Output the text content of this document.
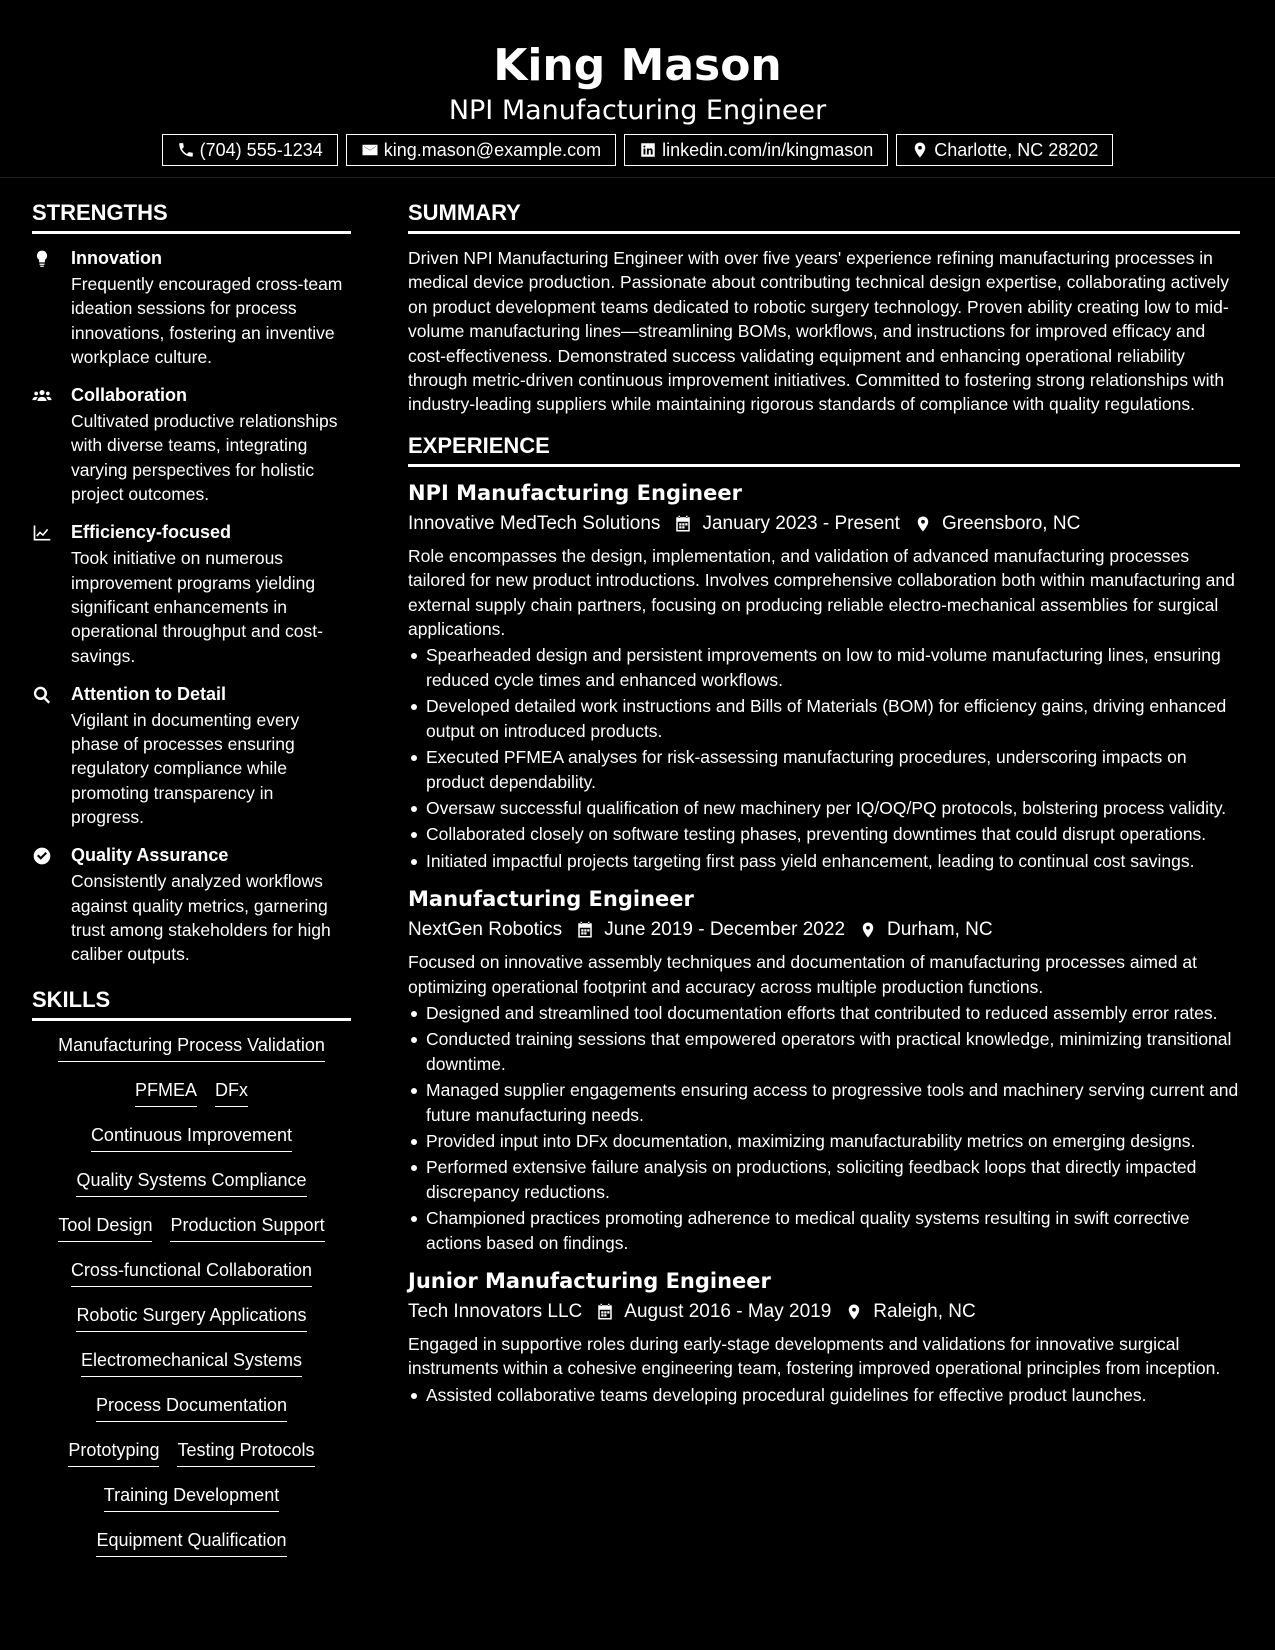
King Mason
NPI Manufacturing Engineer
(704) 555-1234	king.mason@example.com	linkedin.com/in/kingmason	Charlotte, NC 28202
STRENGTHS
Innovation
Frequently encouraged cross-team ideation sessions for process innovations, fostering an inventive workplace culture.
Collaboration
Cultivated productive relationships with diverse teams, integrating varying perspectives for holistic project outcomes.
Efficiency-focused
Took initiative on numerous improvement programs yielding significant enhancements in operational throughput and cost-savings.
Attention to Detail
Vigilant in documenting every phase of processes ensuring regulatory compliance while promoting transparency in progress.
Quality Assurance
Consistently analyzed workflows against quality metrics, garnering trust among stakeholders for high caliber outputs.
SKILLS
Manufacturing Process Validation
PFMEA DFx
Continuous Improvement
Quality Systems Compliance
Tool Design Production Support
Cross-functional Collaboration
Robotic Surgery Applications
Electromechanical Systems
Process Documentation
Prototyping Testing Protocols
Training Development
Equipment Qualification
SUMMARY
Driven NPI Manufacturing Engineer with over five years' experience refining manufacturing processes in medical device production. Passionate about contributing technical design expertise, collaborating actively on product development teams dedicated to robotic surgery technology. Proven ability creating low to mid-volume manufacturing lines—streamlining BOMs, workflows, and instructions for improved efficacy and cost-effectiveness. Demonstrated success validating equipment and enhancing operational reliability through metric-driven continuous improvement initiatives. Committed to fostering strong relationships with industry-leading suppliers while maintaining rigorous standards of compliance with quality regulations.
EXPERIENCE
NPI Manufacturing Engineer
Innovative MedTech Solutions January 2023 - Present Greensboro, NC
Role encompasses the design, implementation, and validation of advanced manufacturing processes tailored for new product introductions. Involves comprehensive collaboration both within manufacturing and external supply chain partners, focusing on producing reliable electro-mechanical assemblies for surgical applications.
Spearheaded design and persistent improvements on low to mid-volume manufacturing lines, ensuring reduced cycle times and enhanced workflows.
Developed detailed work instructions and Bills of Materials (BOM) for efficiency gains, driving enhanced output on introduced products.
Executed PFMEA analyses for risk-assessing manufacturing procedures, underscoring impacts on product dependability.
Oversaw successful qualification of new machinery per IQ/OQ/PQ protocols, bolstering process validity.
Collaborated closely on software testing phases, preventing downtimes that could disrupt operations.
Initiated impactful projects targeting first pass yield enhancement, leading to continual cost savings.
Manufacturing Engineer
NextGen Robotics June 2019 - December 2022 Durham, NC
Focused on innovative assembly techniques and documentation of manufacturing processes aimed at optimizing operational footprint and accuracy across multiple production functions.
Designed and streamlined tool documentation efforts that contributed to reduced assembly error rates.
Conducted training sessions that empowered operators with practical knowledge, minimizing transitional downtime.
Managed supplier engagements ensuring access to progressive tools and machinery serving current and future manufacturing needs.
Provided input into DFx documentation, maximizing manufacturability metrics on emerging designs.
Performed extensive failure analysis on productions, soliciting feedback loops that directly impacted discrepancy reductions.
Championed practices promoting adherence to medical quality systems resulting in swift corrective actions based on findings.
Junior Manufacturing Engineer
Tech Innovators LLC August 2016 - May 2019 Raleigh, NC
Engaged in supportive roles during early-stage developments and validations for innovative surgical instruments within a cohesive engineering team, fostering improved operational principles from inception.
Assisted collaborative teams developing procedural guidelines for effective product launches.
